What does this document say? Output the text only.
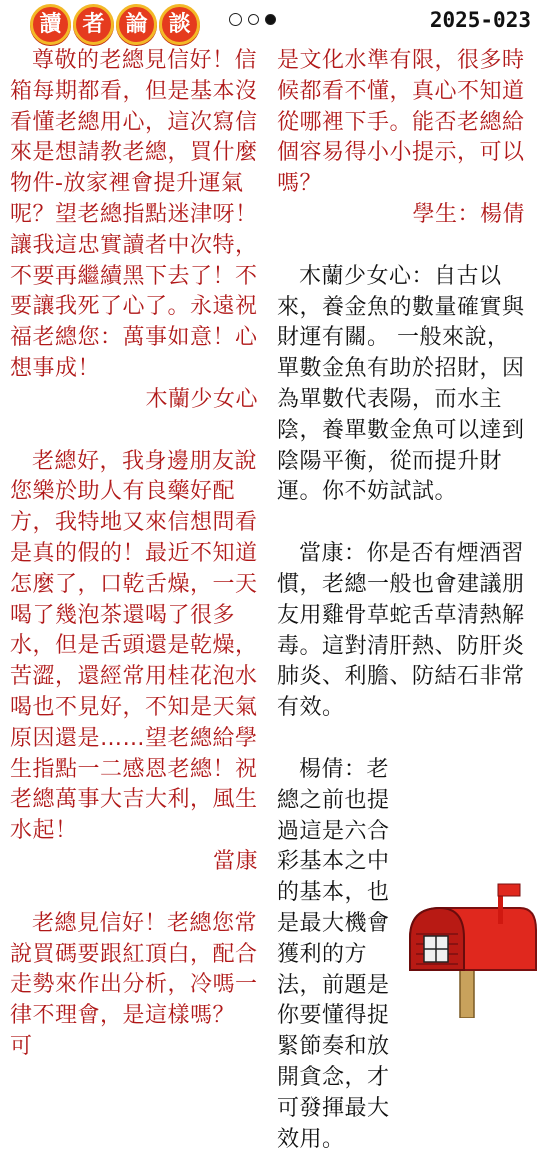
讀 者 論 談	2025-023

尊敬的老總見信好！信箱每期都看，但是基本沒看懂老總用心，這次寫信來是想請教老總，買什麼物件-放家裡會提升運氣呢？望老總指點迷津呀！讓我這忠實讀者中次特，不要再繼續黑下去了！不要讓我死了心了。永遠祝福老總您：萬事如意！心想事成！

木蘭少女心

老總好，我身邊朋友說您樂於助人有良藥好配方，我特地又來信想問看是真的假的！最近不知道怎麼了，口乾舌燥，一天喝了幾泡茶還喝了很多水，但是舌頭還是乾燥，苦澀，還經常用桂花泡水喝也不見好，不知是天氣原因還是……望老總給學生指點一二感恩老總！祝老總萬事大吉大利，風生水起！

當康

老總見信好！老總您常說買碼要跟紅頂白，配合走勢來作出分析，冷嗎一律不理會，是這樣嗎？ 可

是文化水準有限，很多時候都看不懂，真心不知道從哪裡下手。能否老總給個容易得小小提示，可以嗎？

學生：楊倩

木蘭少女心：自古以來，養金魚的數量確實與財運有關。 一般來說，單數金魚有助於招財，因為單數代表陽，而水主陰，養單數金魚可以達到陰陽平衡，從而提升財運。你不妨試試。

當康：你是否有煙酒習慣，老總一般也會建議朋友用雞骨草蛇舌草清熱解毒。這對清肝熱、防肝炎肺炎、利膽、防結石非常有效。

楊倩：老總之前也提過這是六合彩基本之中的基本，也是最大機會獲利的方法，前題是你要懂得捉緊節奏和放開貪念，才可發揮最大效用。
